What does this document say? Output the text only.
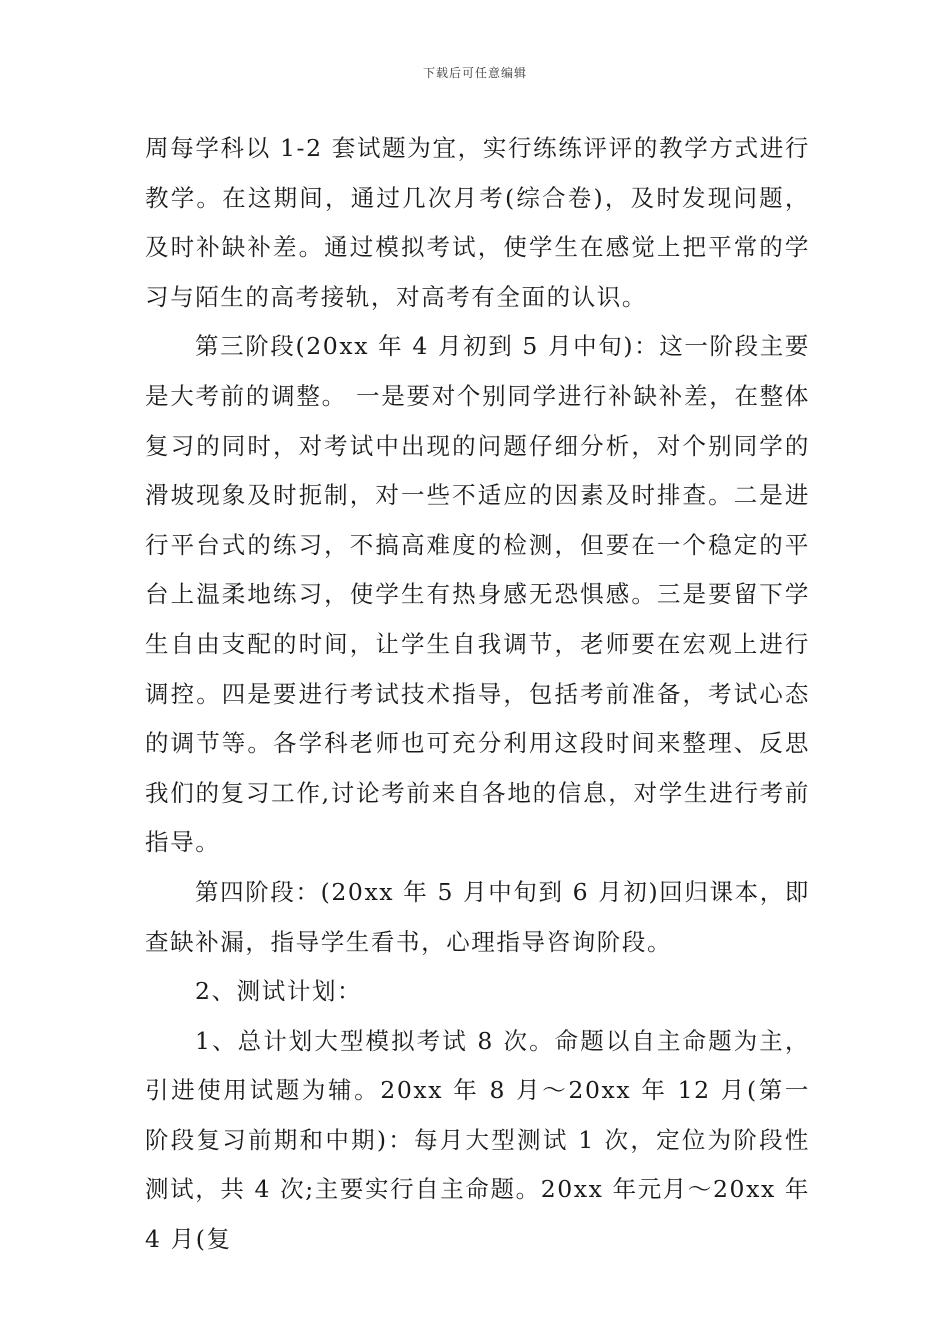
下载后可任意编辑

周每学科以 1-2 套试题为宜，实行练练评评的教学方式进行教学。在这期间，通过几次月考(综合卷)，及时发现问题，及时补缺补差。通过模拟考试，使学生在感觉上把平常的学习与陌生的高考接轨，对高考有全面的认识。

第三阶段(20xx 年 4 月初到 5 月中旬)：这一阶段主要是大考前的调整。 一是要对个别同学进行补缺补差，在整体复习的同时，对考试中出现的问题仔细分析，对个别同学的滑坡现象及时扼制，对一些不适应的因素及时排查。二是进行平台式的练习，不搞高难度的检测，但要在一个稳定的平台上温柔地练习，使学生有热身感无恐惧感。三是要留下学生自由支配的时间，让学生自我调节，老师要在宏观上进行调控。四是要进行考试技术指导，包括考前准备，考试心态的调节等。各学科老师也可充分利用这段时间来整理、反思我们的复习工作,讨论考前来自各地的信息，对学生进行考前指导。

第四阶段：(20xx 年 5 月中旬到 6 月初)回归课本，即查缺补漏，指导学生看书，心理指导咨询阶段。

2、测试计划：

1、总计划大型模拟考试 8 次。命题以自主命题为主，引进使用试题为辅。20xx 年 8 月～20xx 年 12 月(第一阶段复习前期和中期)：每月大型测试 1 次，定位为阶段性测试，共 4 次;主要实行自主命题。20xx 年元月～20xx 年 4 月(复
